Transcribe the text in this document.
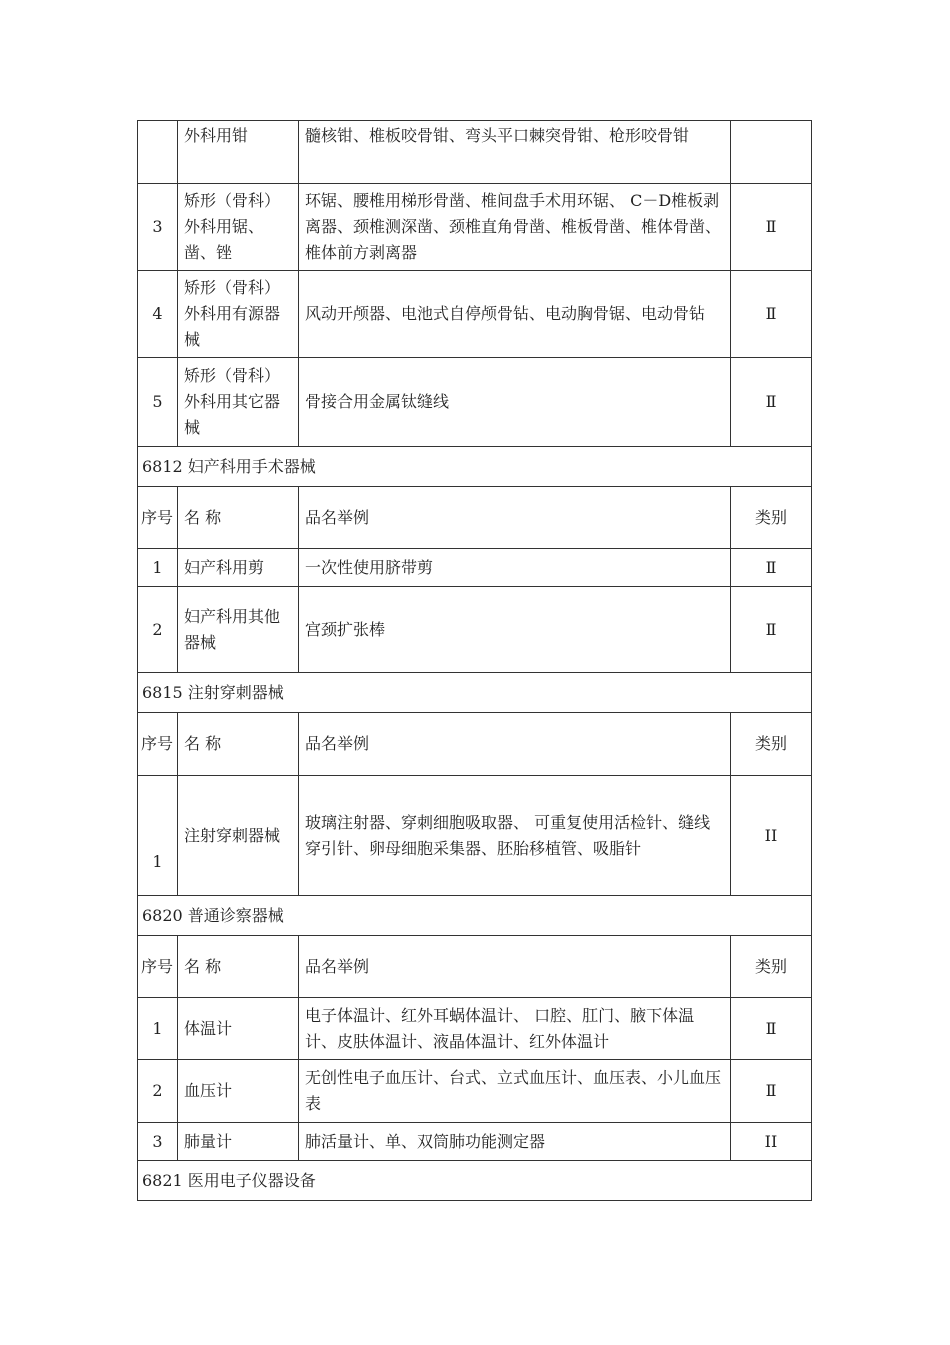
	外科用钳	髓核钳、椎板咬骨钳、弯头平口棘突骨钳、枪形咬骨钳	
3	矫形（骨科）外科用锯、凿、锉	环锯、腰椎用梯形骨凿、椎间盘手术用环锯、 C－D椎板剥离器、颈椎测深凿、颈椎直角骨凿、椎板骨凿、椎体骨凿、椎体前方剥离器	Ⅱ
4	矫形（骨科）外科用有源器械	风动开颅器、电池式自停颅骨钻、电动胸骨锯、电动骨钻	Ⅱ
5	矫形（骨科）外科用其它器械	骨接合用金属钛缝线	Ⅱ
6812 妇产科用手术器械			
序号	名 称	品名举例	类别
1	妇产科用剪	一次性使用脐带剪	Ⅱ
2	妇产科用其他器械	宫颈扩张棒	Ⅱ
6815 注射穿刺器械			
序号	名 称	品名举例	类别
1	注射穿刺器械	玻璃注射器、穿刺细胞吸取器、 可重复使用活检针、缝线穿引针、卵母细胞采集器、胚胎移植管、吸脂针	II
6820 普通诊察器械			
序号	名 称	品名举例	类别
1	体温计	电子体温计、红外耳蜗体温计、 口腔、肛门、腋下体温计、皮肤体温计、液晶体温计、红外体温计	Ⅱ
2	血压计	无创性电子血压计、台式、立式血压计、血压表、小儿血压表	Ⅱ
3	肺量计	肺活量计、单、双筒肺功能测定器	II
6821 医用电子仪器设备			
